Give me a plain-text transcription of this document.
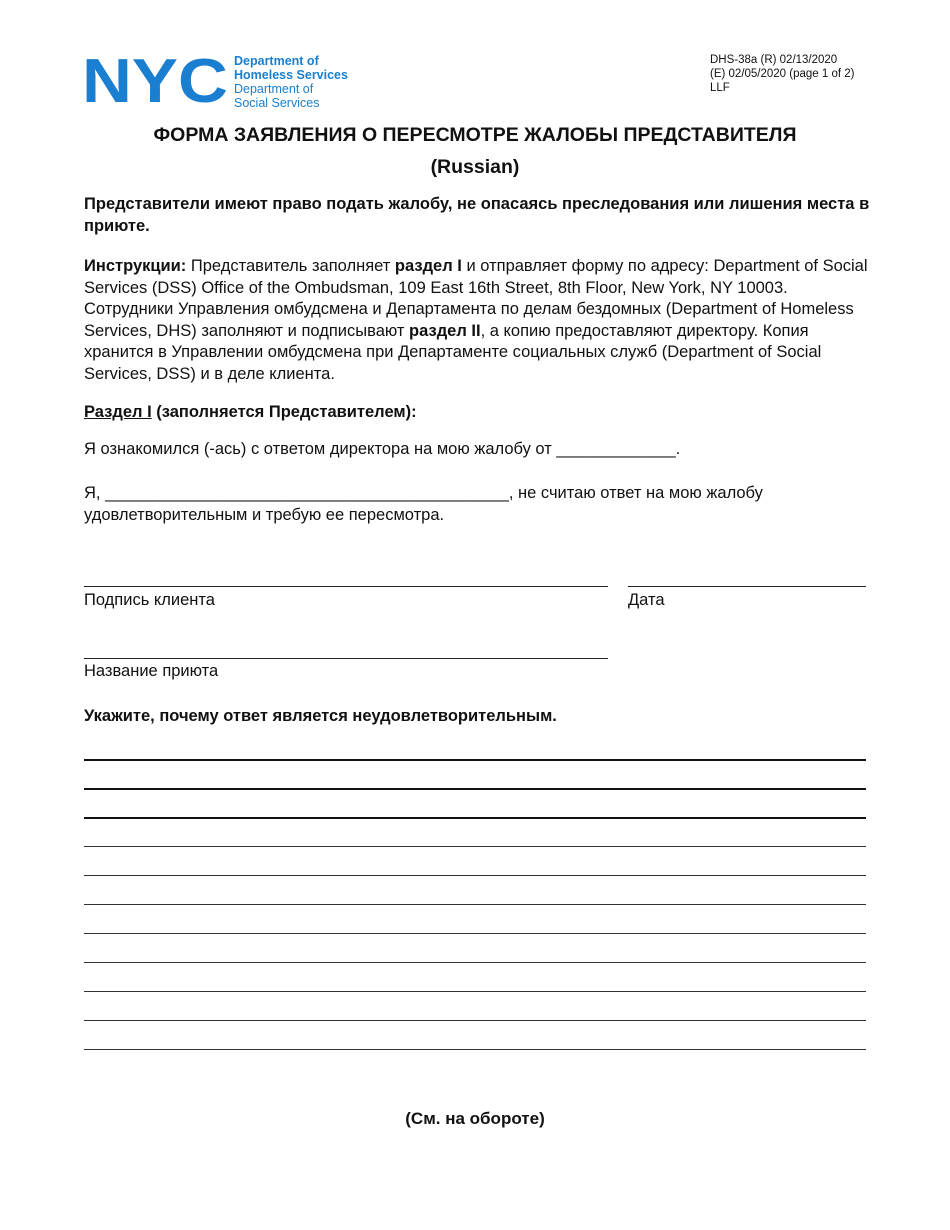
NYC Department of
Homeless Services
Department of
Social Services
DHS-38a (R) 02/13/2020
(E) 02/05/2020 (page 1 of 2)
LLF
ФОРМА ЗАЯВЛЕНИЯ О ПЕРЕСМОТРЕ ЖАЛОБЫ ПРЕДСТАВИТЕЛЯ
(Russian)
Представители имеют право подать жалобу, не опасаясь преследования или лишения места в приюте.
Инструкции: Представитель заполняет раздел I и отправляет форму по адресу: Department of Social Services (DSS) Office of the Ombudsman, 109 East 16th Street, 8th Floor, New York, NY 10003. Сотрудники Управления омбудсмена и Департамента по делам бездомных (Department of Homeless Services, DHS) заполняют и подписывают раздел II, а копию предоставляют директору. Копия хранится в Управлении омбудсмена при Департаменте социальных служб (Department of Social Services, DSS) и в деле клиента.
Раздел I (заполняется Представителем):
Я ознакомился (-ась) с ответом директора на мою жалобу от _____________.
Я, ____________________________________________, не считаю ответ на мою жалобу удовлетворительным и требую ее пересмотра.
Подпись клиента	Дата
Название приюта
Укажите, почему ответ является неудовлетворительным.
(См. на обороте)
